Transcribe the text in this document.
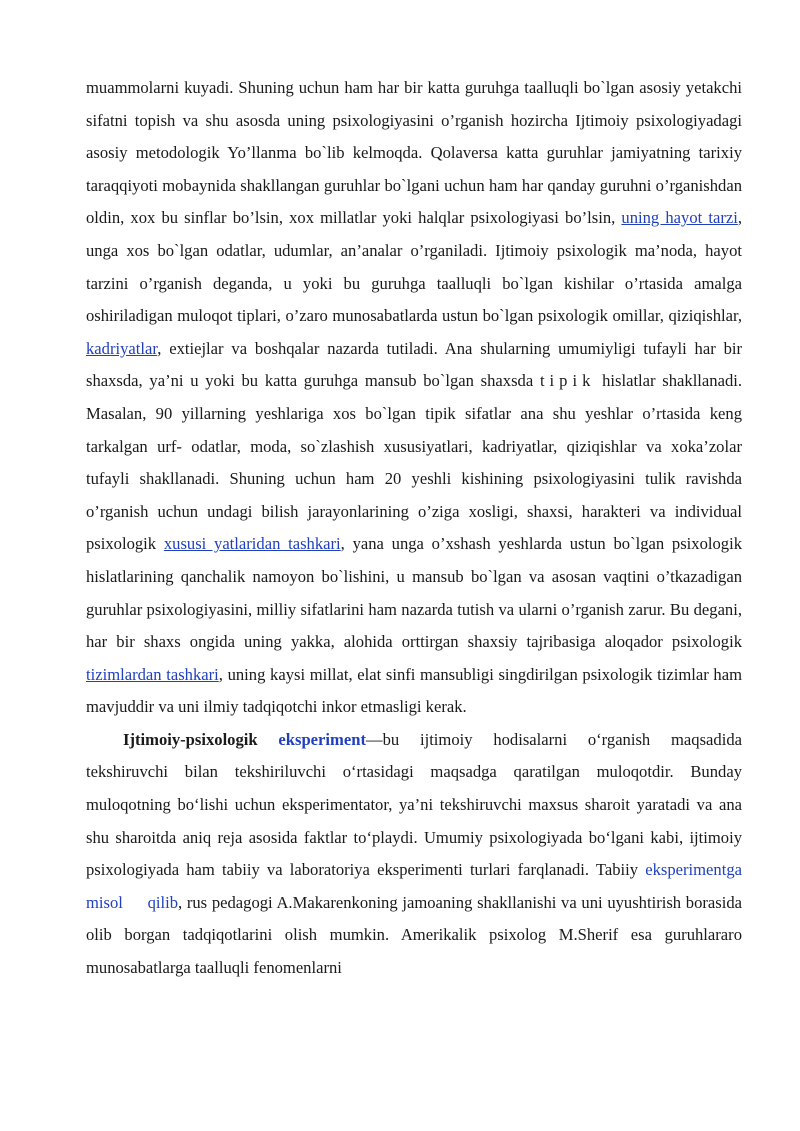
muammolarni kuyadi. Shuning uchun ham har bir katta guruhga taalluqli bo`lgan asosiy yetakchi sifatni topish va shu asosda uning psixologiyasini o’rganish hozircha Ijtimoiy psixologiyadagi asosiy metodologik Yo’llanma bo`lib kelmoqda. Qolaversa katta guruhlar jamiyatning tarixiy taraqqiyoti mobaynida shakllangan guruhlar bo`lgani uchun ham har qanday guruhni o’rganishdan oldin, xox bu sinflar bo’lsin, xox millatlar yoki halqlar psixologiyasi bo’lsin, uning hayot tarzi, unga xos bo`lgan odatlar, udumlar, an’analar o’rganiladi. Ijtimoiy psixologik ma’noda, hayot tarzini o’rganish deganda, u yoki bu guruhga taalluqli bo`lgan kishilar o’rtasida amalga oshiriladigan muloqot tiplari, o’zaro munosabatlarda ustun bo`lgan psixologik omillar, qiziqishlar, kadriyatlar, extiejlar va boshqalar nazarda tutiladi. Ana shularning umumiyligi tufayli har bir shaxsda, ya’ni u yoki bu katta guruhga mansub bo`lgan shaxsda tipik hislatlar shakllanadi. Masalan, 90 yillarning yeshlariga xos bo`lgan tipik sifatlar ana shu yeshlar o’rtasida keng tarkalgan urf- odatlar, moda, so`zlashish xususiyatlari, kadriyatlar, qiziqishlar va xoka’zolar tufayli shakllanadi. Shuning uchun ham 20 yeshli kishining psixologiyasini tulik ravishda o’rganish uchun undagi bilish jarayonlarining o’ziga xosligi, shaxsi, harakteri va individual psixologik xususi yatlaridan tashkari, yana unga o’xshash yeshlarda ustun bo`lgan psixologik hislatlarining qanchalik namoyon bo`lishini, u mansub bo`lgan va asosan vaqtini o’tkazadigan guruhlar psixologiyasini, milliy sifatlarini ham nazarda tutish va ularni o’rganish zarur. Bu degani, har bir shaxs ongida uning yakka, alohida orttirgan shaxsiy tajribasiga aloqador psixologik tizimlardan tashkari, uning kaysi millat, elat sinfi mansubligi singdirilgan psixologik tizimlar ham mavjuddir va uni ilmiy tadqiqotchi inkor etmasligi kerak.

Ijtimoiy-psixologik eksperiment—bu ijtimoiy hodisalarni o‘rganish maqsadida tekshiruvchi bilan tekshiriluvchi o‘rtasidagi maqsadga qaratilgan muloqotdir. Bunday muloqotning bo‘lishi uchun eksperimentator, ya’ni tekshiruvchi maxsus sharoit yaratadi va ana shu sharoitda aniq reja asosida faktlar to‘playdi. Umumiy psixologiyada bo‘lgani kabi, ijtimoiy psixologiyada ham tabiiy va laboratoriya eksperimenti turlari farqlanadi. Tabiiy eksperimentga misol qilib, rus pedagogi A.Makarenkoning jamoaning shakllanishi va uni uyushtirish borasida olib borgan tadqiqotlarini olish mumkin. Amerikalik psixolog M.Sherif esa guruhlararo munosabatlarga taalluqli fenomenlarni
